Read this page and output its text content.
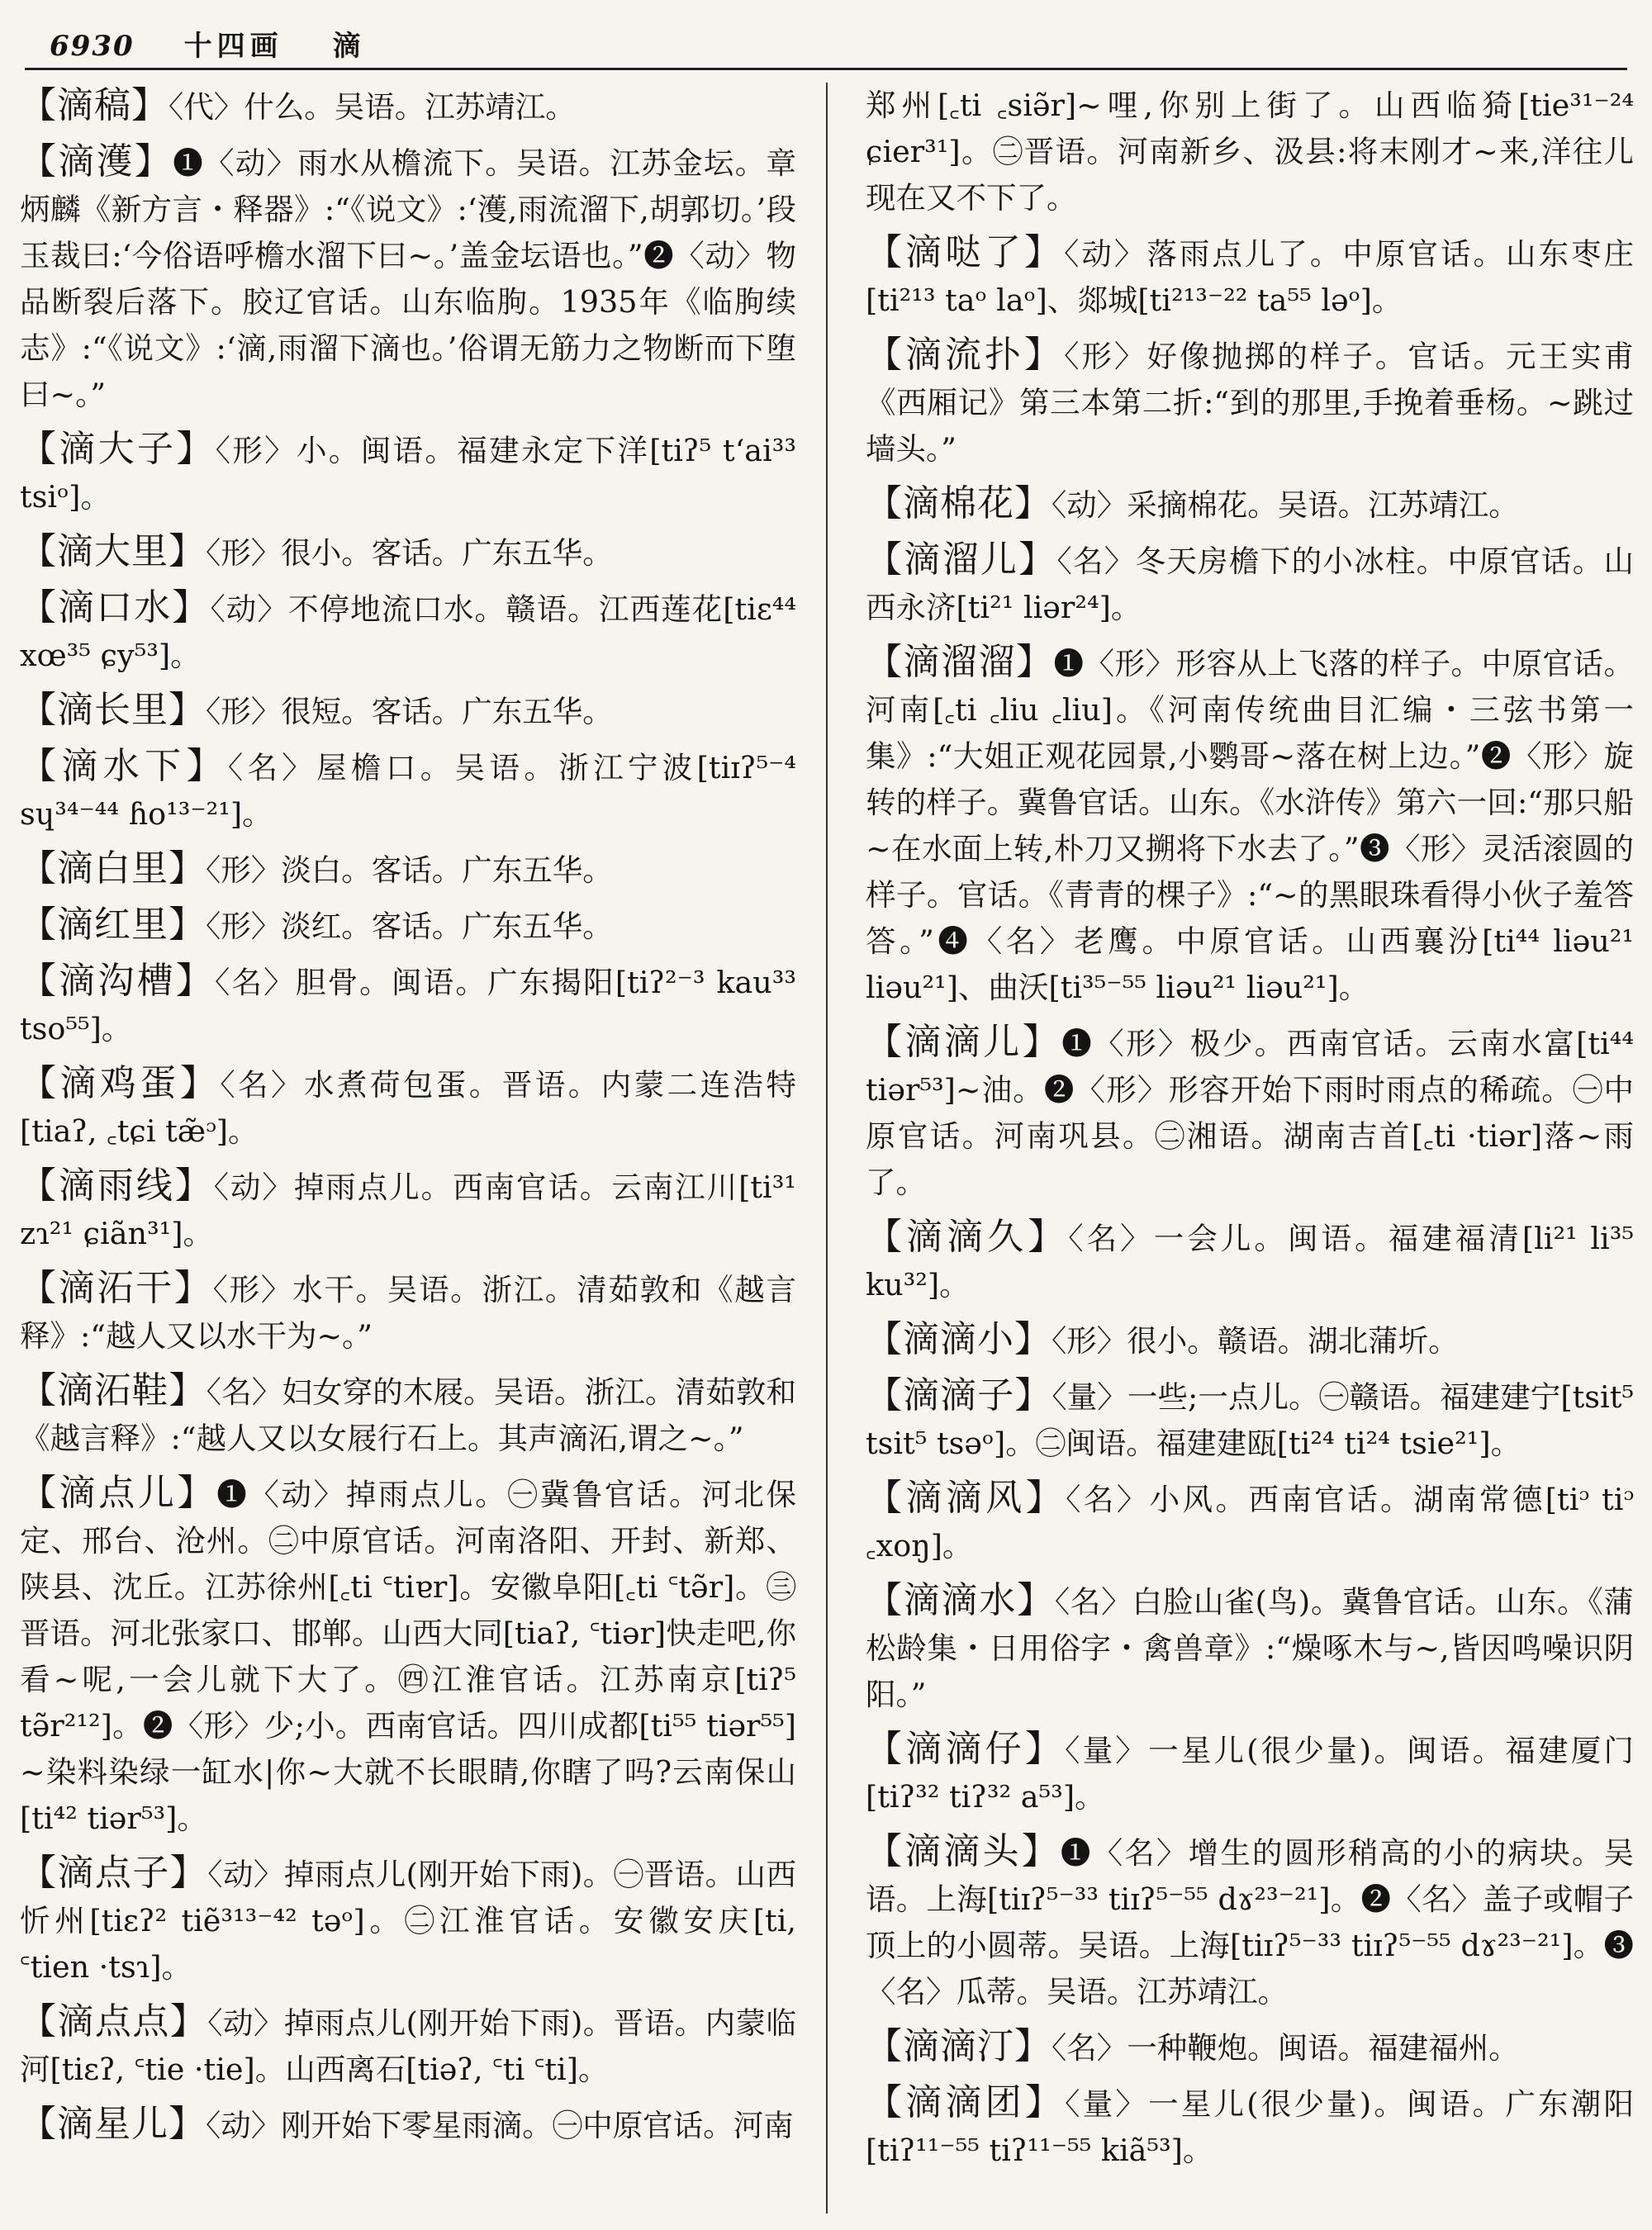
6930 十四画 滴

【滴稿】〈代〉什么。吴语。江苏靖江。

【滴濩】❶〈动〉雨水从檐流下。吴语。江苏金坛。章炳麟《新方言・释器》:“《说文》:‘濩,雨流溜下,胡郭切。’段玉裁曰:‘今俗语呼檐水溜下曰~。’盖金坛语也。”❷〈动〉物品断裂后落下。胶辽官话。山东临朐。1935年《临朐续志》:“《说文》:‘滴,雨溜下滴也。’俗谓无筋力之物断而下堕曰~。”

【滴大子】〈形〉小。闽语。福建永定下洋[tiʔ⁵ t‘ai³³ tsiᵒ]。

【滴大里】〈形〉很小。客话。广东五华。

【滴口水】〈动〉不停地流口水。赣语。江西莲花[tiɛ⁴⁴ xœ³⁵ ɕy⁵³]。

【滴长里】〈形〉很短。客话。广东五华。

【滴水下】〈名〉屋檐口。吴语。浙江宁波[tiɪʔ⁵⁻⁴ sɥ³⁴⁻⁴⁴ ɦo¹³⁻²¹]。

【滴白里】〈形〉淡白。客话。广东五华。

【滴红里】〈形〉淡红。客话。广东五华。

【滴沟槽】〈名〉胆骨。闽语。广东揭阳[tiʔ²⁻³ kau³³ tso⁵⁵]。

【滴鸡蛋】〈名〉水煮荷包蛋。晋语。内蒙二连浩特[tiaʔ, ꜀tɕi tæ̃ᵓ]。

【滴雨线】〈动〉掉雨点儿。西南官话。云南江川[ti³¹ zɿ²¹ ɕiãn³¹]。

【滴沰干】〈形〉水干。吴语。浙江。清茹敦和《越言释》:“越人又以水干为~。”

【滴沰鞋】〈名〉妇女穿的木屐。吴语。浙江。清茹敦和《越言释》:“越人又以女屐行石上。其声滴沰,谓之~。”

【滴点儿】❶〈动〉掉雨点儿。㊀冀鲁官话。河北保定、邢台、沧州。㊁中原官话。河南洛阳、开封、新郑、陕县、沈丘。江苏徐州[꜀ti ꜂tiɐr]。安徽阜阳[꜀ti ꜂tə̃r]。㊂晋语。河北张家口、邯郸。山西大同[tiaʔ, ꜂tiər]快走吧,你看~呢,一会儿就下大了。㊃江淮官话。江苏南京[tiʔ⁵ tə̃r²¹²]。❷〈形〉少;小。西南官话。四川成都[ti⁵⁵ tiər⁵⁵] ~染料染绿一缸水|你~大就不长眼睛,你瞎了吗?云南保山[ti⁴² tiər⁵³]。

【滴点子】〈动〉掉雨点儿(刚开始下雨)。㊀晋语。山西忻州[tiɛʔ² tiẽ³¹³⁻⁴² təᵒ]。㊁江淮官话。安徽安庆[ti, ꜂tien ·tsɿ]。

【滴点点】〈动〉掉雨点儿(刚开始下雨)。晋语。内蒙临河[tiɛʔ, ꜂tie ·tie]。山西离石[tiəʔ, ꜂ti ꜂ti]。

【滴星儿】〈动〉刚开始下零星雨滴。㊀中原官话。河南

郑州[꜀ti ꜀siə̃r]~哩,你别上街了。山西临猗[tie³¹⁻²⁴ ɕier³¹]。㊁晋语。河南新乡、汲县:将末刚才~来,洋往儿现在又不下了。

【滴哒了】〈动〉落雨点儿了。中原官话。山东枣庄[ti²¹³ taᵒ laᵒ]、郯城[ti²¹³⁻²² ta⁵⁵ ləᵒ]。

【滴流扑】〈形〉好像抛掷的样子。官话。元王实甫《西厢记》第三本第二折:“到的那里,手挽着垂杨。~跳过墙头。”

【滴棉花】〈动〉采摘棉花。吴语。江苏靖江。

【滴溜儿】〈名〉冬天房檐下的小冰柱。中原官话。山西永济[ti²¹ liər²⁴]。

【滴溜溜】❶〈形〉形容从上飞落的样子。中原官话。河南[꜀ti ꜀liu ꜀liu]。《河南传统曲目汇编・三弦书第一集》:“大姐正观花园景,小鹦哥~落在树上边。”❷〈形〉旋转的样子。冀鲁官话。山东。《水浒传》第六一回:“那只船~在水面上转,朴刀又搠将下水去了。”❸〈形〉灵活滚圆的样子。官话。《青青的棵子》:“~的黑眼珠看得小伙子羞答答。”❹〈名〉老鹰。中原官话。山西襄汾[ti⁴⁴ liəu²¹ liəu²¹]、曲沃[ti³⁵⁻⁵⁵ liəu²¹ liəu²¹]。

【滴滴儿】❶〈形〉极少。西南官话。云南水富[ti⁴⁴ tiər⁵³]~油。❷〈形〉形容开始下雨时雨点的稀疏。㊀中原官话。河南巩县。㊁湘语。湖南吉首[꜀ti ·tiər]落~雨了。

【滴滴久】〈名〉一会儿。闽语。福建福清[li²¹ li³⁵ ku³²]。

【滴滴小】〈形〉很小。赣语。湖北蒲圻。

【滴滴子】〈量〉一些;一点儿。㊀赣语。福建建宁[tsit⁵ tsit⁵ tsəᵒ]。㊁闽语。福建建瓯[ti²⁴ ti²⁴ tsie²¹]。

【滴滴风】〈名〉小风。西南官话。湖南常德[tiᵓ tiᵓ ꜀xoŋ]。

【滴滴水】〈名〉白脸山雀(鸟)。冀鲁官话。山东。《蒲松龄集・日用俗字・禽兽章》:“燥啄木与~,皆因鸣噪识阴阳。”

【滴滴仔】〈量〉一星儿(很少量)。闽语。福建厦门[tiʔ³² tiʔ³² a⁵³]。

【滴滴头】❶〈名〉增生的圆形稍高的小的病块。吴语。上海[tiɪʔ⁵⁻³³ tiɪʔ⁵⁻⁵⁵ dɤ²³⁻²¹]。❷〈名〉盖子或帽子顶上的小圆蒂。吴语。上海[tiɪʔ⁵⁻³³ tiɪʔ⁵⁻⁵⁵ dɤ²³⁻²¹]。❸〈名〉瓜蒂。吴语。江苏靖江。

【滴滴汀】〈名〉一种鞭炮。闽语。福建福州。

【滴滴团】〈量〉一星儿(很少量)。闽语。广东潮阳[tiʔ¹¹⁻⁵⁵ tiʔ¹¹⁻⁵⁵ kiã⁵³]。
